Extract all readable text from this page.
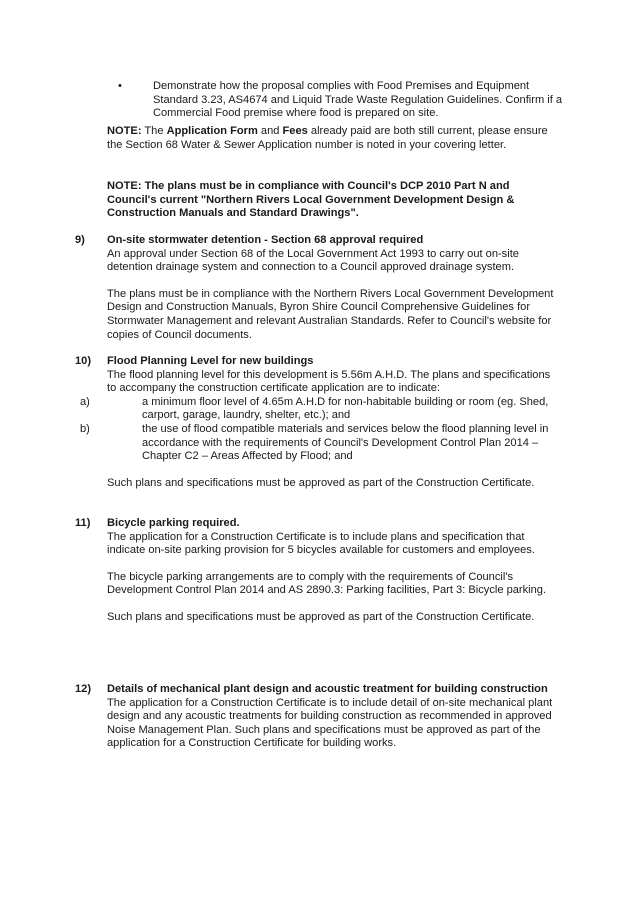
•	Demonstrate how the proposal complies with Food Premises and Equipment Standard 3.23, AS4674 and Liquid Trade Waste Regulation Guidelines. Confirm if a Commercial Food premise where food is prepared on site.

NOTE: The Application Form and Fees already paid are both still current, please ensure the Section 68 Water & Sewer Application number is noted in your covering letter.

NOTE: The plans must be in compliance with Council's DCP 2010 Part N and Council's current "Northern Rivers Local Government Development Design & Construction Manuals and Standard Drawings".

9) On-site stormwater detention - Section 68 approval required

An approval under Section 68 of the Local Government Act 1993 to carry out on-site detention drainage system and connection to a Council approved drainage system.

The plans must be in compliance with the Northern Rivers Local Government Development Design and Construction Manuals, Byron Shire Council Comprehensive Guidelines for Stormwater Management and relevant Australian Standards. Refer to Council's website for copies of Council documents.

10) Flood Planning Level for new buildings

The flood planning level for this development is 5.56m A.H.D. The plans and specifications to accompany the construction certificate application are to indicate:

a)	a minimum floor level of 4.65m A.H.D for non-habitable building or room (eg. Shed, carport, garage, laundry, shelter, etc.); and

b)	the use of flood compatible materials and services below the flood planning level in accordance with the requirements of Council's Development Control Plan 2014 – Chapter C2 – Areas Affected by Flood; and

Such plans and specifications must be approved as part of the Construction Certificate.

11) Bicycle parking required.

The application for a Construction Certificate is to include plans and specification that indicate on-site parking provision for 5 bicycles available for customers and employees.

The bicycle parking arrangements are to comply with the requirements of Council's Development Control Plan 2014 and AS 2890.3: Parking facilities, Part 3: Bicycle parking.

Such plans and specifications must be approved as part of the Construction Certificate.

12) Details of mechanical plant design and acoustic treatment for building construction

The application for a Construction Certificate is to include detail of on-site mechanical plant design and any acoustic treatments for building construction as recommended in approved Noise Management Plan. Such plans and specifications must be approved as part of the application for a Construction Certificate for building works.
